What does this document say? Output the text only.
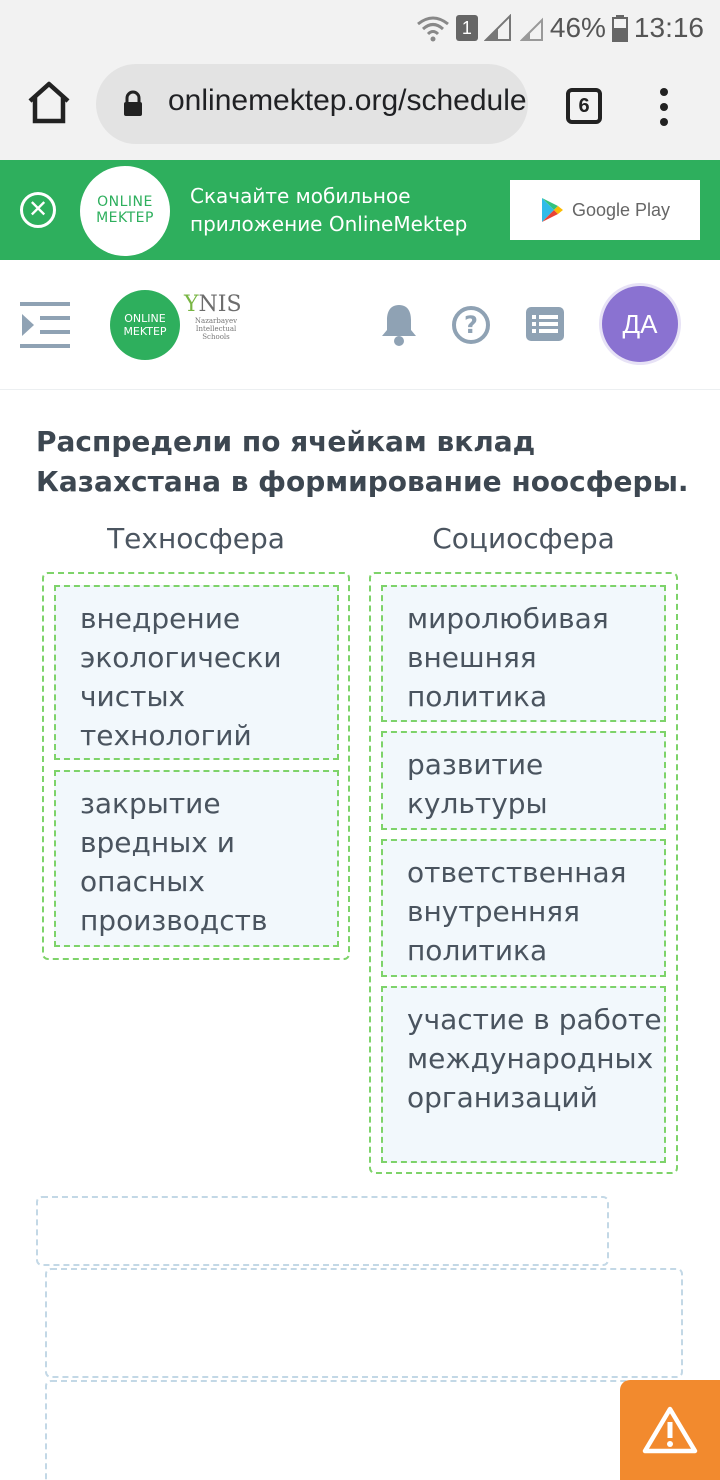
1	46% 13:16
onlinemektep.org/schedule	6
✕	ONLINE
MEKTEP
Скачайте мобильное приложение OnlineMektep
Google Play
ONLINE
MEKTEP
YNIS
Nazarbayev
Intellectual
Schools	?	ДА
Распредели по ячейкам вклад Казахстана в формирование ноосферы.
Техносфера	Социосфера
внедрение экологически чистых технологий
закрытие вредных и опасных производств
миролюбивая внешняя политика
развитие культуры
ответственная внутренняя политика
участие в работе международных организаций
